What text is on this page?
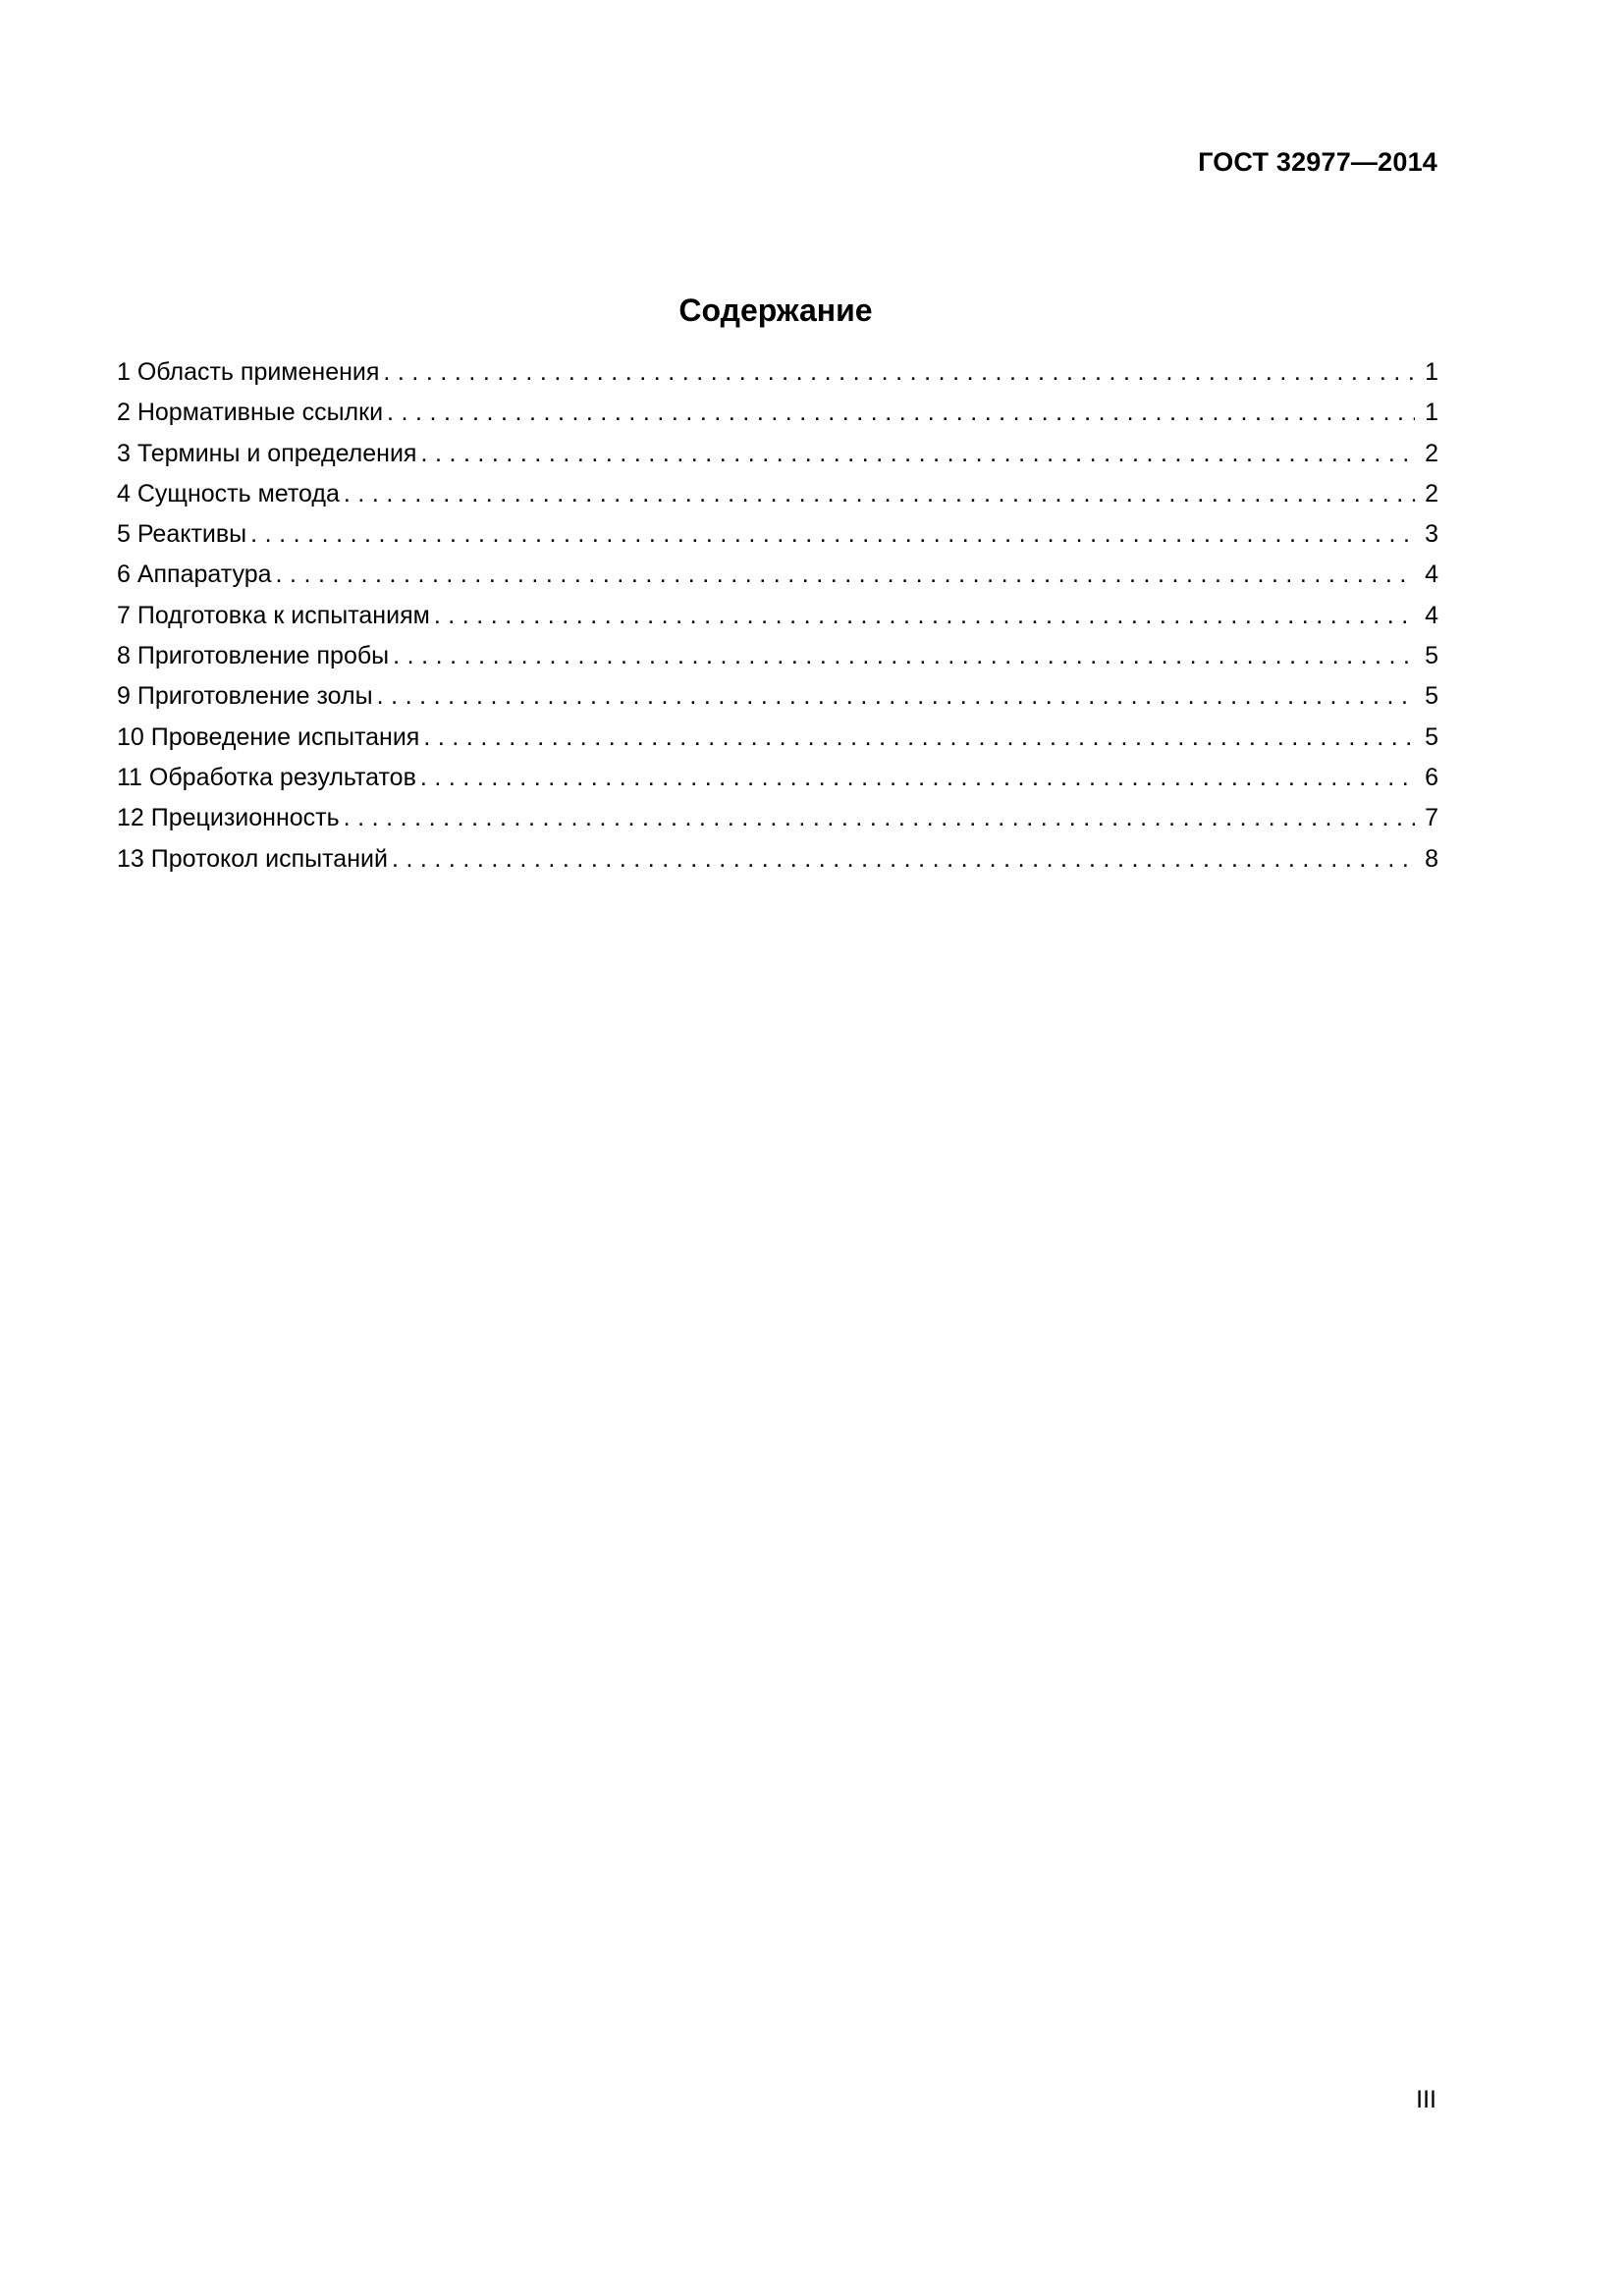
ГОСТ 32977—2014
Содержание
1 Область применения . . .	1
2 Нормативные ссылки . . .	1
3 Термины и определения . . .	2
4 Сущность метода . . .	2
5 Реактивы . . .	3
6 Аппаратура . . .	4
7 Подготовка к испытаниям . . .	4
8 Приготовление пробы . . .	5
9 Приготовление золы . . .	5
10 Проведение испытания . . .	5
11 Обработка результатов . . .	6
12 Прецизионность . . .	7
13 Протокол испытаний . . .	8
III
